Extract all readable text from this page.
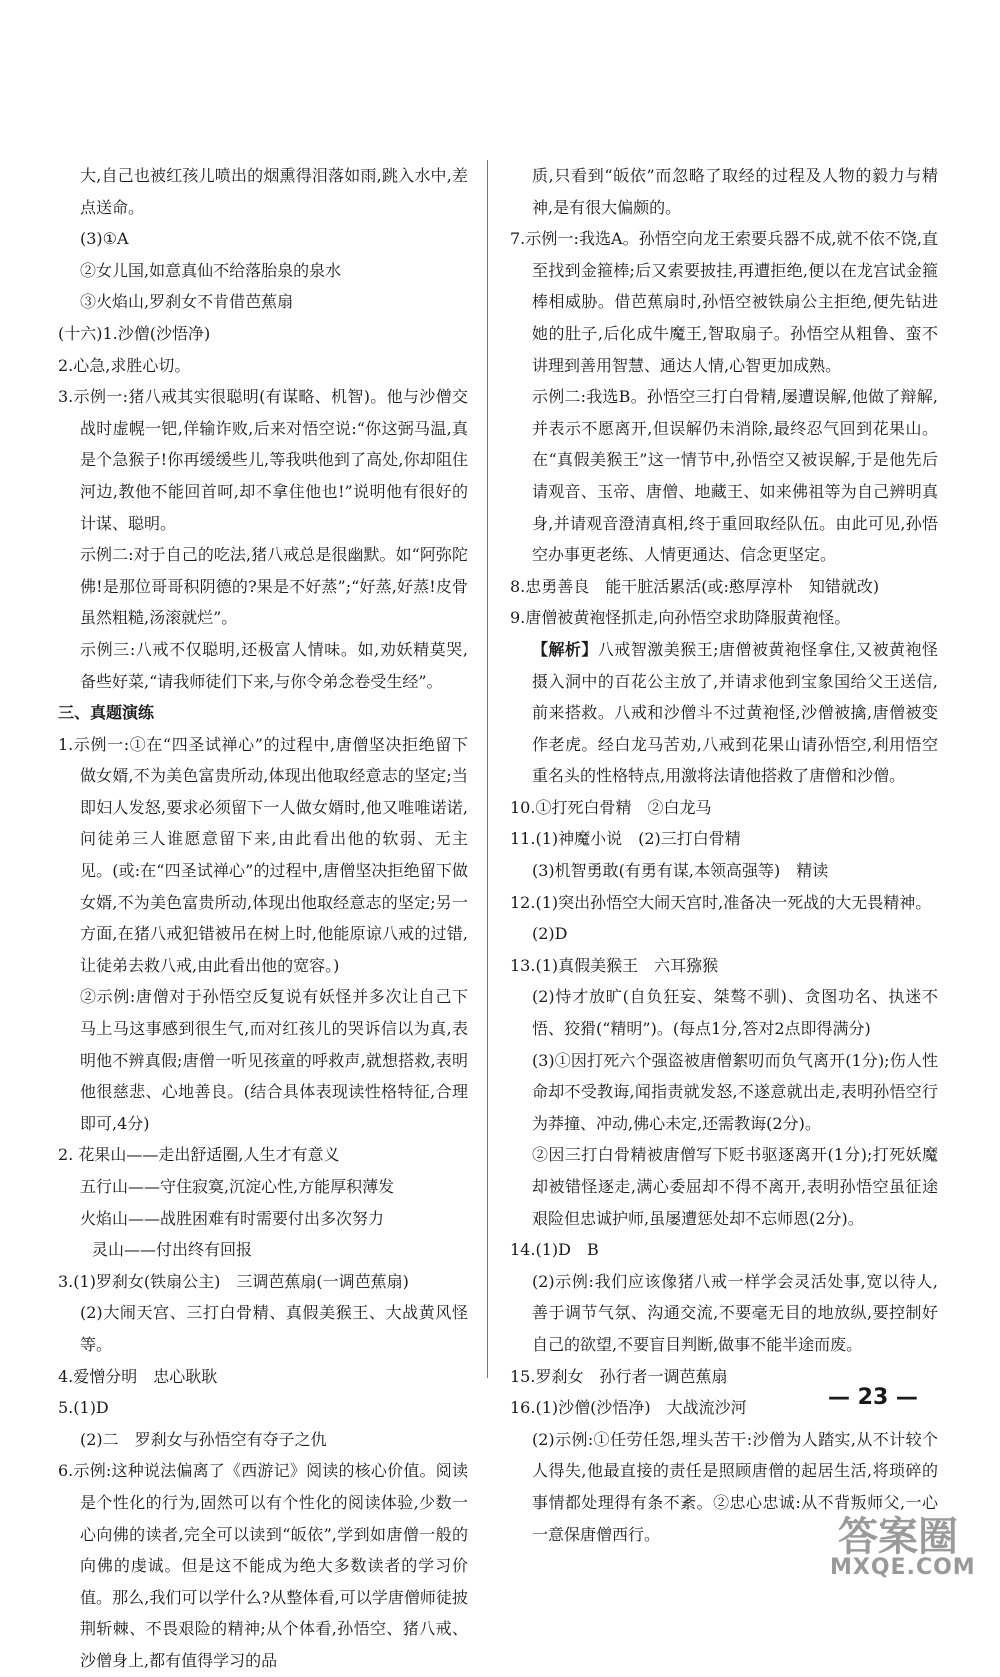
大,自己也被红孩儿喷出的烟熏得泪落如雨,跳入水中,差点送命。

(3)①A

②女儿国,如意真仙不给落胎泉的泉水

③火焰山,罗刹女不肯借芭蕉扇

(十六)1.沙僧(沙悟净)

2.心急,求胜心切。

3.示例一:猪八戒其实很聪明(有谋略、机智)。他与沙僧交战时虚幌一钯,佯输诈败,后来对悟空说:“你这弼马温,真是个急猴子!你再缓缓些儿,等我哄他到了高处,你却阻住河边,教他不能回首呵,却不拿住他也!”说明他有很好的计谋、聪明。

示例二:对于自己的吃法,猪八戒总是很幽默。如“阿弥陀佛!是那位哥哥积阴德的?果是不好蒸”;“好蒸,好蒸!皮骨虽然粗糙,汤滚就烂”。

示例三:八戒不仅聪明,还极富人情味。如,劝妖精莫哭,备些好菜,“请我师徒们下来,与你令弟念卷受生经”。

三、真题演练

1.示例一:①在“四圣试禅心”的过程中,唐僧坚决拒绝留下做女婿,不为美色富贵所动,体现出他取经意志的坚定;当即妇人发怒,要求必须留下一人做女婿时,他又唯唯诺诺,问徒弟三人谁愿意留下来,由此看出他的软弱、无主见。(或:在“四圣试禅心”的过程中,唐僧坚决拒绝留下做女婿,不为美色富贵所动,体现出他取经意志的坚定;另一方面,在猪八戒犯错被吊在树上时,他能原谅八戒的过错,让徒弟去救八戒,由此看出他的宽容。)

②示例:唐僧对于孙悟空反复说有妖怪并多次让自己下马上马这事感到很生气,而对红孩儿的哭诉信以为真,表明他不辨真假;唐僧一听见孩童的呼救声,就想搭救,表明他很慈悲、心地善良。(结合具体表现读性格特征,合理即可,4分)

2. 花果山——走出舒适圈,人生才有意义

五行山——守住寂寞,沉淀心性,方能厚积薄发

火焰山——战胜困难有时需要付出多次努力

灵山——付出终有回报

3.(1)罗刹女(铁扇公主)　三调芭蕉扇(一调芭蕉扇)

(2)大闹天宫、三打白骨精、真假美猴王、大战黄风怪等。

4.爱憎分明　忠心耿耿

5.(1)D

(2)二　罗刹女与孙悟空有夺子之仇

6.示例:这种说法偏离了《西游记》阅读的核心价值。阅读是个性化的行为,固然可以有个性化的阅读体验,少数一心向佛的读者,完全可以读到“皈依”,学到如唐僧一般的向佛的虔诚。但是这不能成为绝大多数读者的学习价值。那么,我们可以学什么?从整体看,可以学唐僧师徒披荆斩棘、不畏艰险的精神;从个体看,孙悟空、猪八戒、沙僧身上,都有值得学习的品

质,只看到“皈依”而忽略了取经的过程及人物的毅力与精神,是有很大偏颇的。

7.示例一:我选A。孙悟空向龙王索要兵器不成,就不依不饶,直至找到金箍棒;后又索要披挂,再遭拒绝,便以在龙宫试金箍棒相威胁。借芭蕉扇时,孙悟空被铁扇公主拒绝,便先钻进她的肚子,后化成牛魔王,智取扇子。孙悟空从粗鲁、蛮不讲理到善用智慧、通达人情,心智更加成熟。

示例二:我选B。孙悟空三打白骨精,屡遭误解,他做了辩解,并表示不愿离开,但误解仍未消除,最终忍气回到花果山。在“真假美猴王”这一情节中,孙悟空又被误解,于是他先后请观音、玉帝、唐僧、地藏王、如来佛祖等为自己辨明真身,并请观音澄清真相,终于重回取经队伍。由此可见,孙悟空办事更老练、人情更通达、信念更坚定。

8.忠勇善良　能干脏活累活(或:憨厚淳朴　知错就改)

9.唐僧被黄袍怪抓走,向孙悟空求助降服黄袍怪。

【解析】八戒智激美猴王;唐僧被黄袍怪拿住,又被黄袍怪摄入洞中的百花公主放了,并请求他到宝象国给父王送信,前来搭救。八戒和沙僧斗不过黄袍怪,沙僧被擒,唐僧被变作老虎。经白龙马苦劝,八戒到花果山请孙悟空,利用悟空重名头的性格特点,用激将法请他搭救了唐僧和沙僧。

10.①打死白骨精　②白龙马

11.(1)神魔小说　(2)三打白骨精

(3)机智勇敢(有勇有谋,本领高强等)　精读

12.(1)突出孙悟空大闹天宫时,准备决一死战的大无畏精神。

(2)D

13.(1)真假美猴王　六耳猕猴

(2)恃才放旷(自负狂妄、桀骜不驯)、贪图功名、执迷不悟、狡猾(“精明”)。(每点1分,答对2点即得满分)

(3)①因打死六个强盗被唐僧絮叨而负气离开(1分);伤人性命却不受教诲,闻指责就发怒,不遂意就出走,表明孙悟空行为莽撞、冲动,佛心未定,还需教诲(2分)。

②因三打白骨精被唐僧写下贬书驱逐离开(1分);打死妖魔却被错怪逐走,满心委屈却不得不离开,表明孙悟空虽征途艰险但忠诚护师,虽屡遭惩处却不忘师恩(2分)。

14.(1)D　B

(2)示例:我们应该像猪八戒一样学会灵活处事,宽以待人,善于调节气氛、沟通交流,不要毫无目的地放纵,要控制好自己的欲望,不要盲目判断,做事不能半途而废。

15.罗刹女　孙行者一调芭蕉扇

16.(1)沙僧(沙悟净)　大战流沙河

(2)示例:①任劳任怨,埋头苦干:沙僧为人踏实,从不计较个人得失,他最直接的责任是照顾唐僧的起居生活,将琐碎的事情都处理得有条不紊。②忠心忠诚:从不背叛师父,一心一意保唐僧西行。

— 23 —
答案圈
MXQE.COM
